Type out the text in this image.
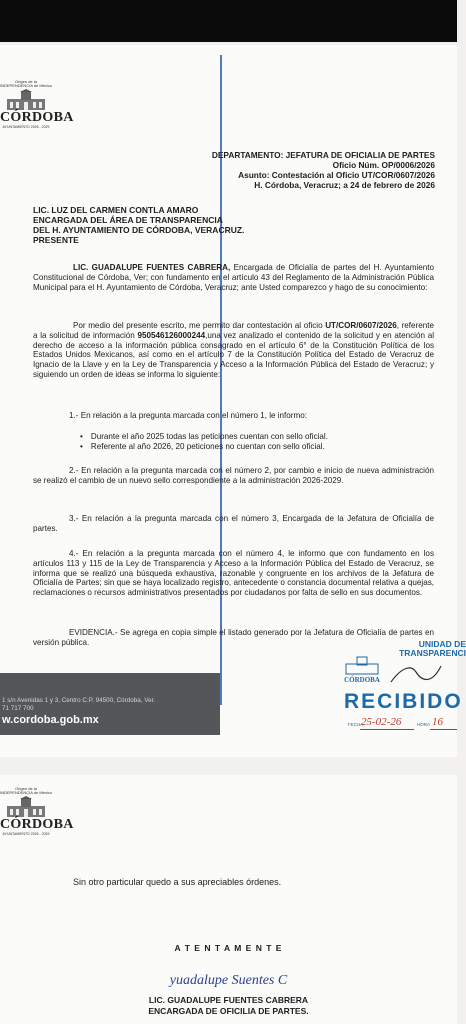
Origen de la INDEPENDENCIA de México
CÓRDOBA
AYUNTAMIENTO 2026 - 2029
DEPARTAMENTO: JEFATURA DE OFICIALIA DE PARTES
Oficio Núm. OP/0006/2026
Asunto: Contestación al Oficio UT/COR/0607/2026
H. Córdoba, Veracruz; a 24 de febrero de 2026
LIC. LUZ DEL CARMEN CONTLA AMARO
ENCARGADA DEL ÁREA DE TRANSPARENCIA
DEL H. AYUNTAMIENTO DE CÓRDOBA, VERACRUZ.
PRESENTE
LIC. GUADALUPE FUENTES CABRERA, Encargada de Oficialía de partes del H. Ayuntamiento Constitucional de Córdoba, Ver; con fundamento en el artículo 43 del Reglamento de la Administración Pública Municipal para el H. Ayuntamiento de Córdoba, Veracruz; ante Usted comparezco y hago de su conocimiento:
Por medio del presente escrito, me permito dar contestación al oficio UT/COR/0607/2026, referente a la solicitud de información 950546126000244,una vez analizado el contenido de la solicitud y en atención al derecho de acceso a la información pública consagrado en el artículo 6° de la Constitución Política de los Estados Unidos Mexicanos, así como en el artículo 7 de la Constitución Política del Estado de Veracruz de Ignacio de la Llave y en la Ley de Transparencia y Acceso a la Información Pública del Estado de Veracruz; y siguiendo un orden de ideas se informa lo siguiente:
1.- En relación a la pregunta marcada con el número 1, le informo:
• Durante el año 2025 todas las peticiones cuentan con sello oficial.
• Referente al año 2026, 20 peticiones no cuentan con sello oficial.
2.- En relación a la pregunta marcada con el número 2, por cambio e inicio de nueva administración se realizó el cambio de un nuevo sello correspondiente a la administración 2026-2029.
3.- En relación a la pregunta marcada con el número 3, Encargada de la Jefatura de Oficialía de partes.
4.- En relación a la pregunta marcada con el número 4, le informo que con fundamento en los artículos 113 y 115 de la Ley de Transparencia y Acceso a la Información Pública del Estado de Veracruz, se informa que se realizó una búsqueda exhaustiva, razonable y congruente en los archivos de la Jefatura de Oficialía de Partes; sin que se haya localizado registro, antecedente o constancia documental relativa a quejas, reclamaciones o recursos administrativos presentados por ciudadanos por falta de sello en sus documentos.
EVIDENCIA.- Se agrega en copia simple el listado generado por la Jefatura de Oficialía de partes en versión pública.
1 s/n Avenidas 1 y 3, Centro C.P. 94500, Córdoba, Ver.
71 717 700
w.cordoba.gob.mx
UNIDAD DE TRANSPARENCI
CÓRDOBA
RECIBIDO
FECHA
25-02-26	HORA 16
Origen de la INDEPENDENCIA de México
CÓRDOBA
AYUNTAMIENTO 2026 - 2029
Sin otro particular quedo a sus apreciables órdenes.
A T E N T A M E N T E
yuadalupe Suentes C
LIC. GUADALUPE FUENTES CABRERA
ENCARGADA DE OFICILIA DE PARTES.
